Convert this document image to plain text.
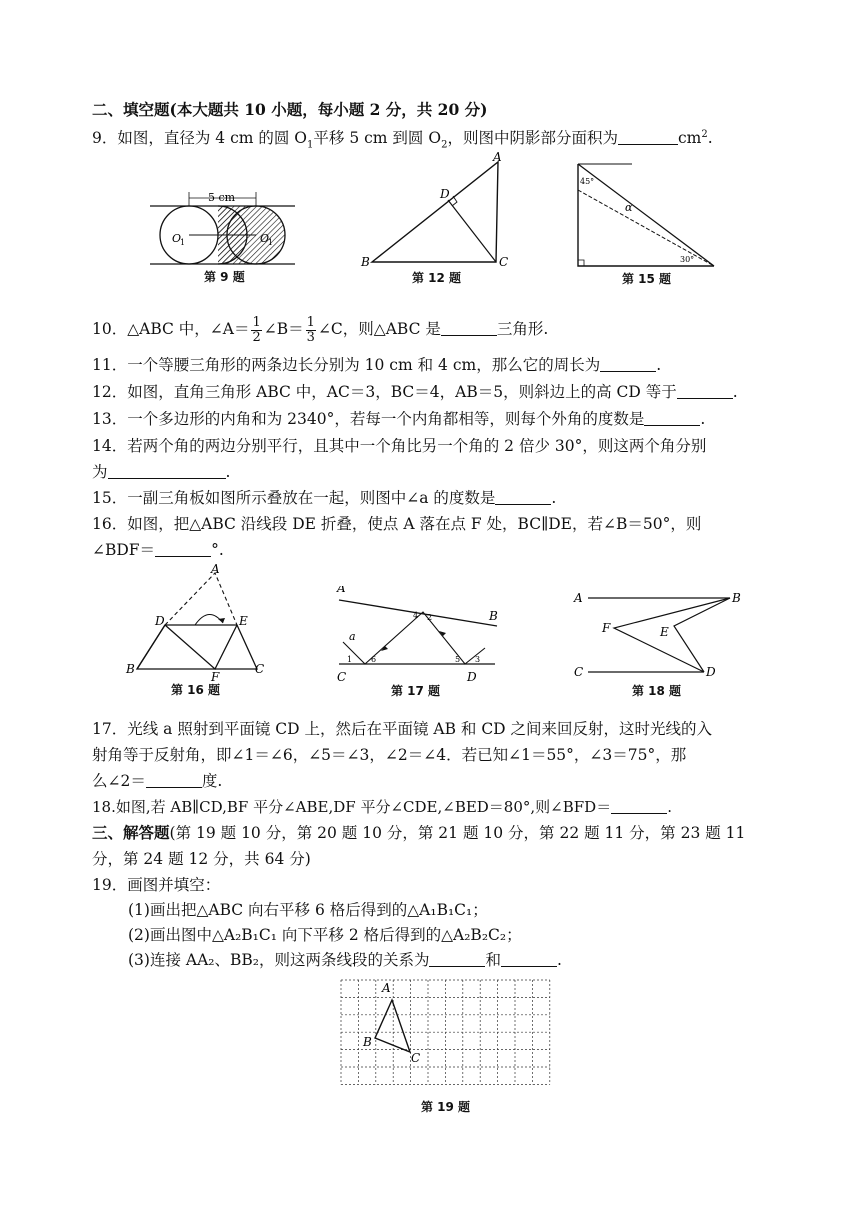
二、填空题(本大题共 10 小题，每小题 2 分，共 20 分)
9．如图，直径为 4 cm 的圆 $O_1$平移 5 cm 到圆 $O_2$，则图中阴影部分面积为	$cm^2$.
5 cm
O
1	O
1
第 9 题
A
B	C
D
第 12 题
45°
30°
α
第 15 题
10．△ABC 中，∠A＝ $\frac{1}{2}$ ∠B＝ $\frac{1}{3}$ ∠C，则△ABC 是	三角形.
11．一个等腰三角形的两条边长分别为 10 cm 和 4 cm，那么它的周长为	.
12．如图，直角三角形 ABC 中，AC＝3，BC＝4，AB＝5，则斜边上的高 CD 等于	.
13．一个多边形的内角和为 2340°，若每一个内角都相等，则每个外角的度数是	.
14．若两个角的两边分别平行，且其中一个角比另一个角的 2 倍少 30°，则这两个角分别
为	.
15．一副三角板如图所示叠放在一起，则图中∠a 的度数是	.
16．如图，把△ABC 沿线段 DE 折叠，使点 A 落在点 F 处，BC∥DE，若∠B＝50°，则
∠BDF＝	°.
A
B	C
D	E
F
第 16 题
A
B
C	D
a
1
2
3
4
5
6
第 17 题
A	B
C	D
E
F
第 18 题
17．光线 a 照射到平面镜 CD 上，然后在平面镜 AB 和 CD 之间来回反射，这时光线的入
射角等于反射角，即∠1＝∠6，∠5＝∠3，∠2＝∠4．若已知∠1＝55°，∠3＝75°，那
么∠2＝	度.
18.如图,若 AB∥CD,BF 平分∠ABE,DF 平分∠CDE,∠BED＝80°,则∠BFD＝	.
三、解答题(第 19 题 10 分，第 20 题 10 分，第 21 题 10 分，第 22 题 11 分，第 23 题 11
分，第 24 题 12 分，共 64 分)
19．画图并填空：
(1)画出把△ABC 向右平移 6 格后得到的△A₁B₁C₁；
(2)画出图中△A₂B₁C₁ 向下平移 2 格后得到的△A₂B₂C₂；
(3)连接 AA₂、BB₂，则这两条线段的关系为	和	.
A
B
C
第 19 题
